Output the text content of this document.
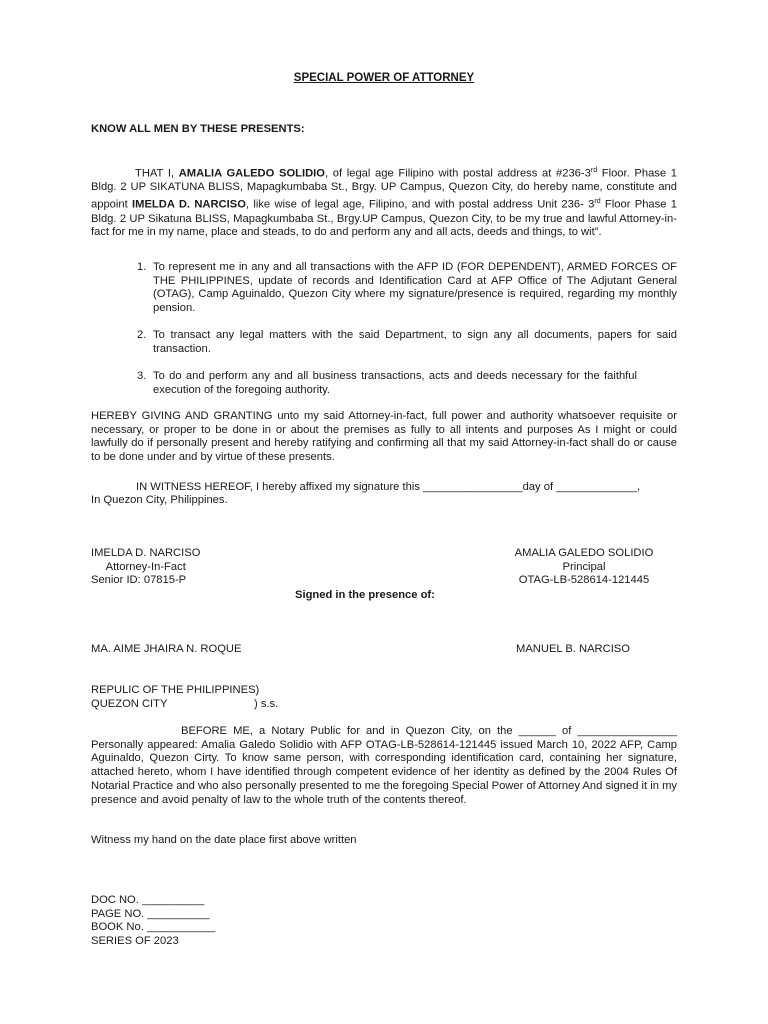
SPECIAL POWER OF ATTORNEY
KNOW ALL MEN BY THESE PRESENTS:
THAT I, AMALIA GALEDO SOLIDIO, of legal age Filipino with postal address at #236-3rd Floor. Phase 1 Bldg. 2 UP SIKATUNA BLISS, Mapagkumbaba St., Brgy. UP Campus, Quezon City, do hereby name, constitute and appoint IMELDA D. NARCISO, like wise of legal age, Filipino, and with postal address Unit 236- 3rd Floor Phase 1 Bldg. 2 UP Sikatuna BLISS, Mapagkumbaba St., Brgy.UP Campus, Quezon City, to be my true and lawful Attorney-in-fact for me in my name, place and steads, to do and perform any and all acts, deeds and things, to wit”.
1. To represent me in any and all transactions with the AFP ID (FOR DEPENDENT), ARMED FORCES OF THE PHILIPPINES, update of records and Identification Card at AFP Office of The Adjutant General (OTAG), Camp Aguinaldo, Quezon City where my signature/presence is required, regarding my monthly pension.
2. To transact any legal matters with the said Department, to sign any all documents, papers for said transaction.
3. To do and perform any and all business transactions, acts and deeds necessary for the faithful execution of the foregoing authority.
HEREBY GIVING AND GRANTING unto my said Attorney-in-fact, full power and authority whatsoever requisite or necessary, or proper to be done in or about the premises as fully to all intents and purposes As I might or could lawfully do if personally present and hereby ratifying and confirming all that my said Attorney-in-fact shall do or cause to be done under and by virtue of these presents.
IN WITNESS HEREOF, I hereby affixed my signature this ________________day of _____________,
In Quezon City, Philippines.
IMELDA D. NARCISO
Attorney-In-Fact
Senior ID: 07815-P
AMALIA GALEDO SOLIDIO
Principal
OTAG-LB-528614-121445
Signed in the presence of:
MA. AIME JHAIRA N. ROQUE	MANUEL B. NARCISO
REPULIC OF THE PHILIPPINES)
QUEZON CITY	) s.s.
BEFORE ME, a Notary Public for and in Quezon City, on the ______ of ________________ Personally appeared: Amalia Galedo Solidio with AFP OTAG-LB-528614-121445 issued March 10, 2022 AFP, Camp Aguinaldo, Quezon Cirty. To know same person, with corresponding identification card, containing her signature, attached hereto, whom I have identified through competent evidence of her identity as defined by the 2004 Rules Of Notarial Practice and who also personally presented to me the foregoing Special Power of Attorney And signed it in my presence and avoid penalty of law to the whole truth of the contents thereof.
Witness my hand on the date place first above written
DOC NO. __________
PAGE NO. __________
BOOK No. ___________
SERIES OF 2023
